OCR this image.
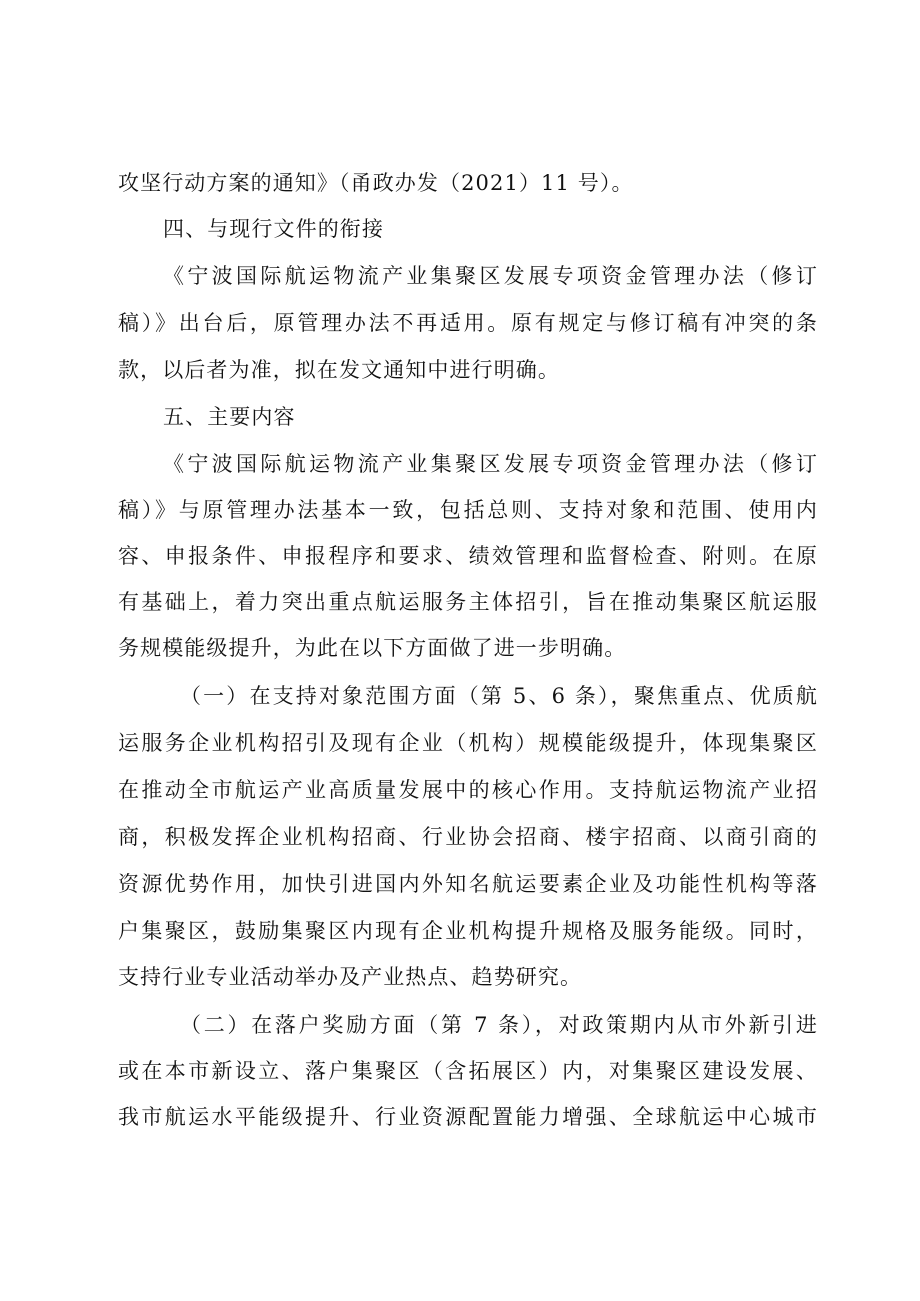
攻坚行动方案的通知》（甬政办发（2021）11 号）。
四、与现行文件的衔接
《宁波国际航运物流产业集聚区发展专项资金管理办法（修订
稿）》出台后，原管理办法不再适用。原有规定与修订稿有冲突的条
款，以后者为准，拟在发文通知中进行明确。
五、主要内容
《宁波国际航运物流产业集聚区发展专项资金管理办法（修订
稿）》与原管理办法基本一致，包括总则、支持对象和范围、使用内
容、申报条件、申报程序和要求、绩效管理和监督检查、附则。在原
有基础上，着力突出重点航运服务主体招引，旨在推动集聚区航运服
务规模能级提升，为此在以下方面做了进一步明确。
（一）在支持对象范围方面（第 5、6 条），聚焦重点、优质航
运服务企业机构招引及现有企业（机构）规模能级提升，体现集聚区
在推动全市航运产业高质量发展中的核心作用。支持航运物流产业招
商，积极发挥企业机构招商、行业协会招商、楼宇招商、以商引商的
资源优势作用，加快引进国内外知名航运要素企业及功能性机构等落
户集聚区，鼓励集聚区内现有企业机构提升规格及服务能级。同时，
支持行业专业活动举办及产业热点、趋势研究。
（二）在落户奖励方面（第 7 条），对政策期内从市外新引进
或在本市新设立、落户集聚区（含拓展区）内，对集聚区建设发展、
我市航运水平能级提升、行业资源配置能力增强、全球航运中心城市
